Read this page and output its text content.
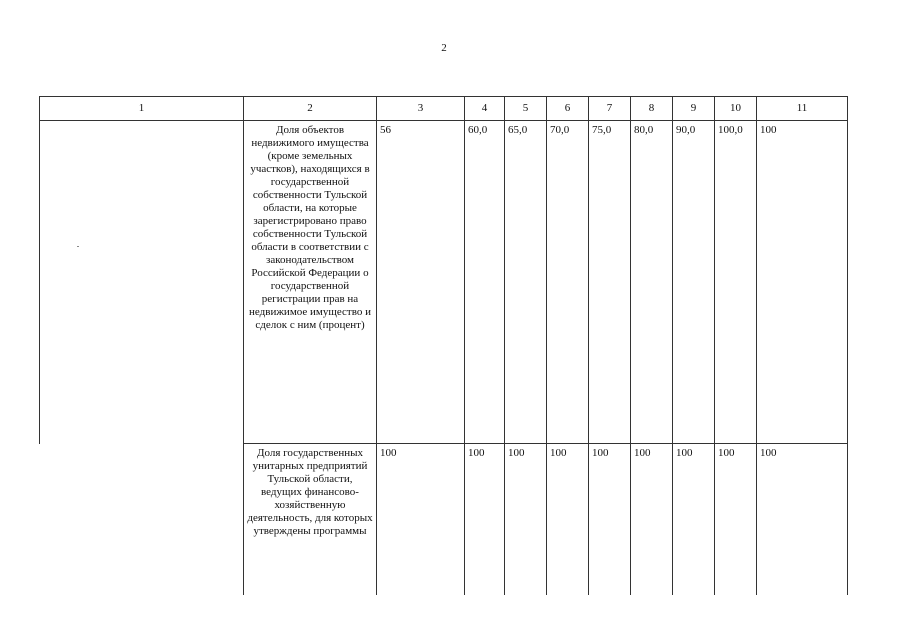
2
1	2	3	4	5	6	7	8	9	10	11
	Доля объектов недвижимого имущества (кроме земельных участков), находящихся в государственной собственности Тульской области, на которые зарегистрировано право собственности Тульской области в соответствии с законодательством Российской Федерации о государственной регистрации прав на недвижимое имущество и сделок с ним (процент)	56	60,0	65,0	70,0	75,0	80,0	90,0	100,0	100
	Доля государственных унитарных предприятий Тульской области, ведущих финансово-хозяйственную деятельность, для которых утверждены программы	100	100	100	100	100	100	100	100	100
